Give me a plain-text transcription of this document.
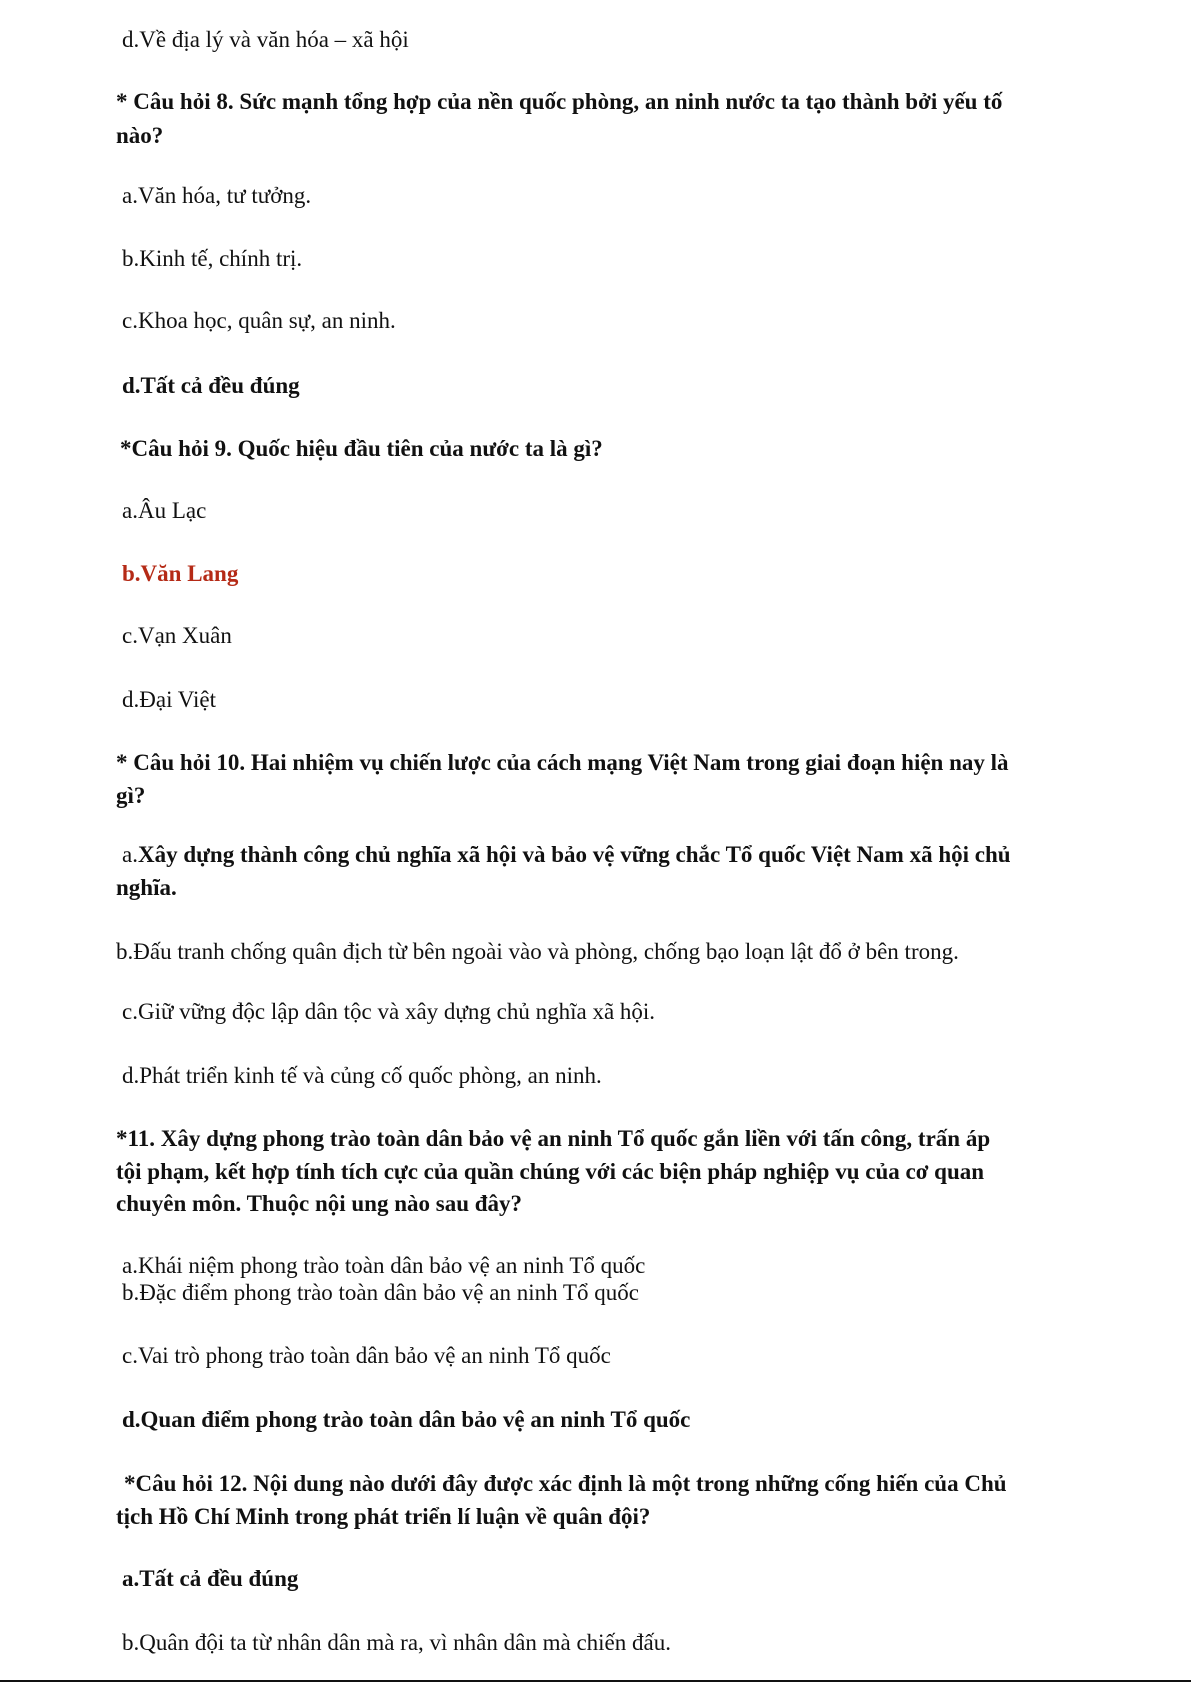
d.Về địa lý và văn hóa – xã hội
* Câu hỏi 8. Sức mạnh tổng hợp của nền quốc phòng, an ninh nước ta tạo thành bởi yếu tố
nào?
a.Văn hóa, tư tưởng.
b.Kinh tế, chính trị.
c.Khoa học, quân sự, an ninh.
d.Tất cả đều đúng
*Câu hỏi 9. Quốc hiệu đầu tiên của nước ta là gì?
a.Âu Lạc
b.Văn Lang
c.Vạn Xuân
d.Đại Việt
* Câu hỏi 10. Hai nhiệm vụ chiến lược của cách mạng Việt Nam trong giai đoạn hiện nay là
gì?
a.Xây dựng thành công chủ nghĩa xã hội và bảo vệ vững chắc Tổ quốc Việt Nam xã hội chủ
nghĩa.
b.Đấu tranh chống quân địch từ bên ngoài vào và phòng, chống bạo loạn lật đổ ở bên trong.
c.Giữ vững độc lập dân tộc và xây dựng chủ nghĩa xã hội.
d.Phát triển kinh tế và củng cố quốc phòng, an ninh.
*11. Xây dựng phong trào toàn dân bảo vệ an ninh Tổ quốc gắn liền với tấn công, trấn áp
tội phạm, kết hợp tính tích cực của quần chúng với các biện pháp nghiệp vụ của cơ quan
chuyên môn. Thuộc nội ung nào sau đây?
a.Khái niệm phong trào toàn dân bảo vệ an ninh Tổ quốc
b.Đặc điểm phong trào toàn dân bảo vệ an ninh Tổ quốc
c.Vai trò phong trào toàn dân bảo vệ an ninh Tổ quốc
d.Quan điểm phong trào toàn dân bảo vệ an ninh Tổ quốc
*Câu hỏi 12. Nội dung nào dưới đây được xác định là một trong những cống hiến của Chủ
tịch Hồ Chí Minh trong phát triển lí luận về quân đội?
a.Tất cả đều đúng
b.Quân đội ta từ nhân dân mà ra, vì nhân dân mà chiến đấu.
